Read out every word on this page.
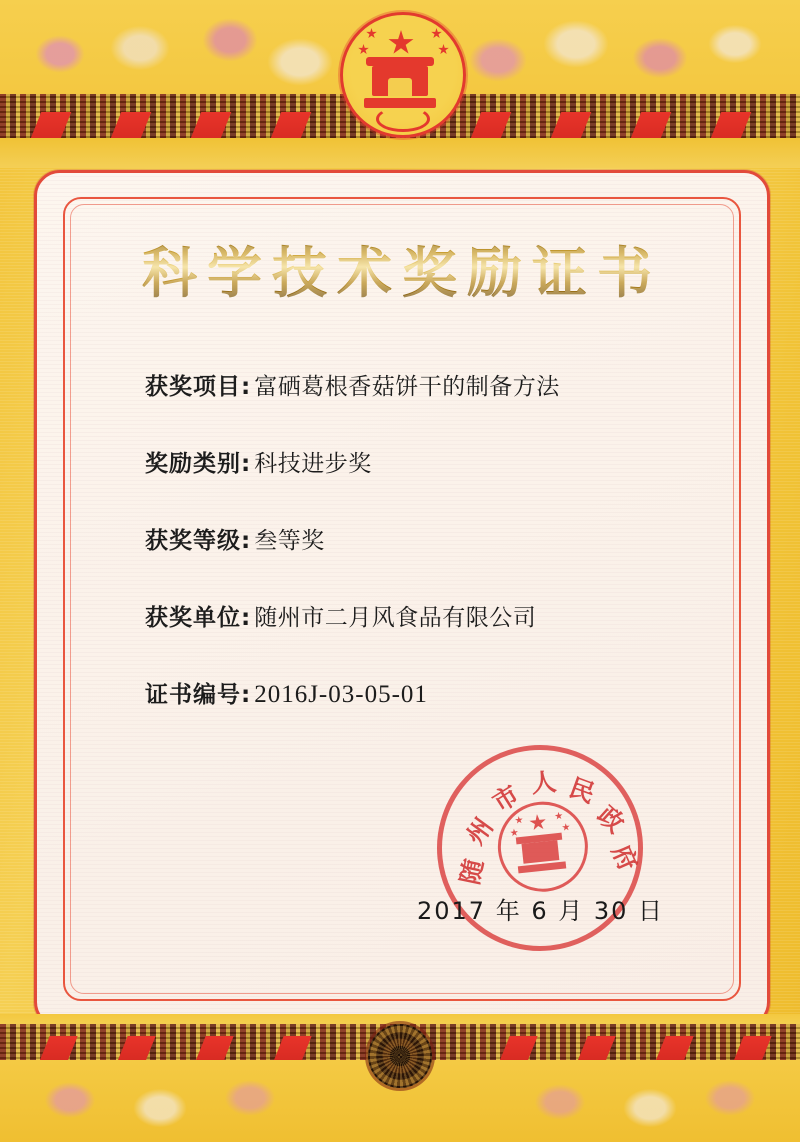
科学技术奖励证书
获奖项目: 富硒葛根香菇饼干的制备方法
奖励类别: 科技进步奖
获奖等级: 叁等奖
获奖单位: 随州市二月风食品有限公司
证书编号: 2016J-03-05-01
随
州
市 人 民
政
府
2017 年 6 月 30 日
